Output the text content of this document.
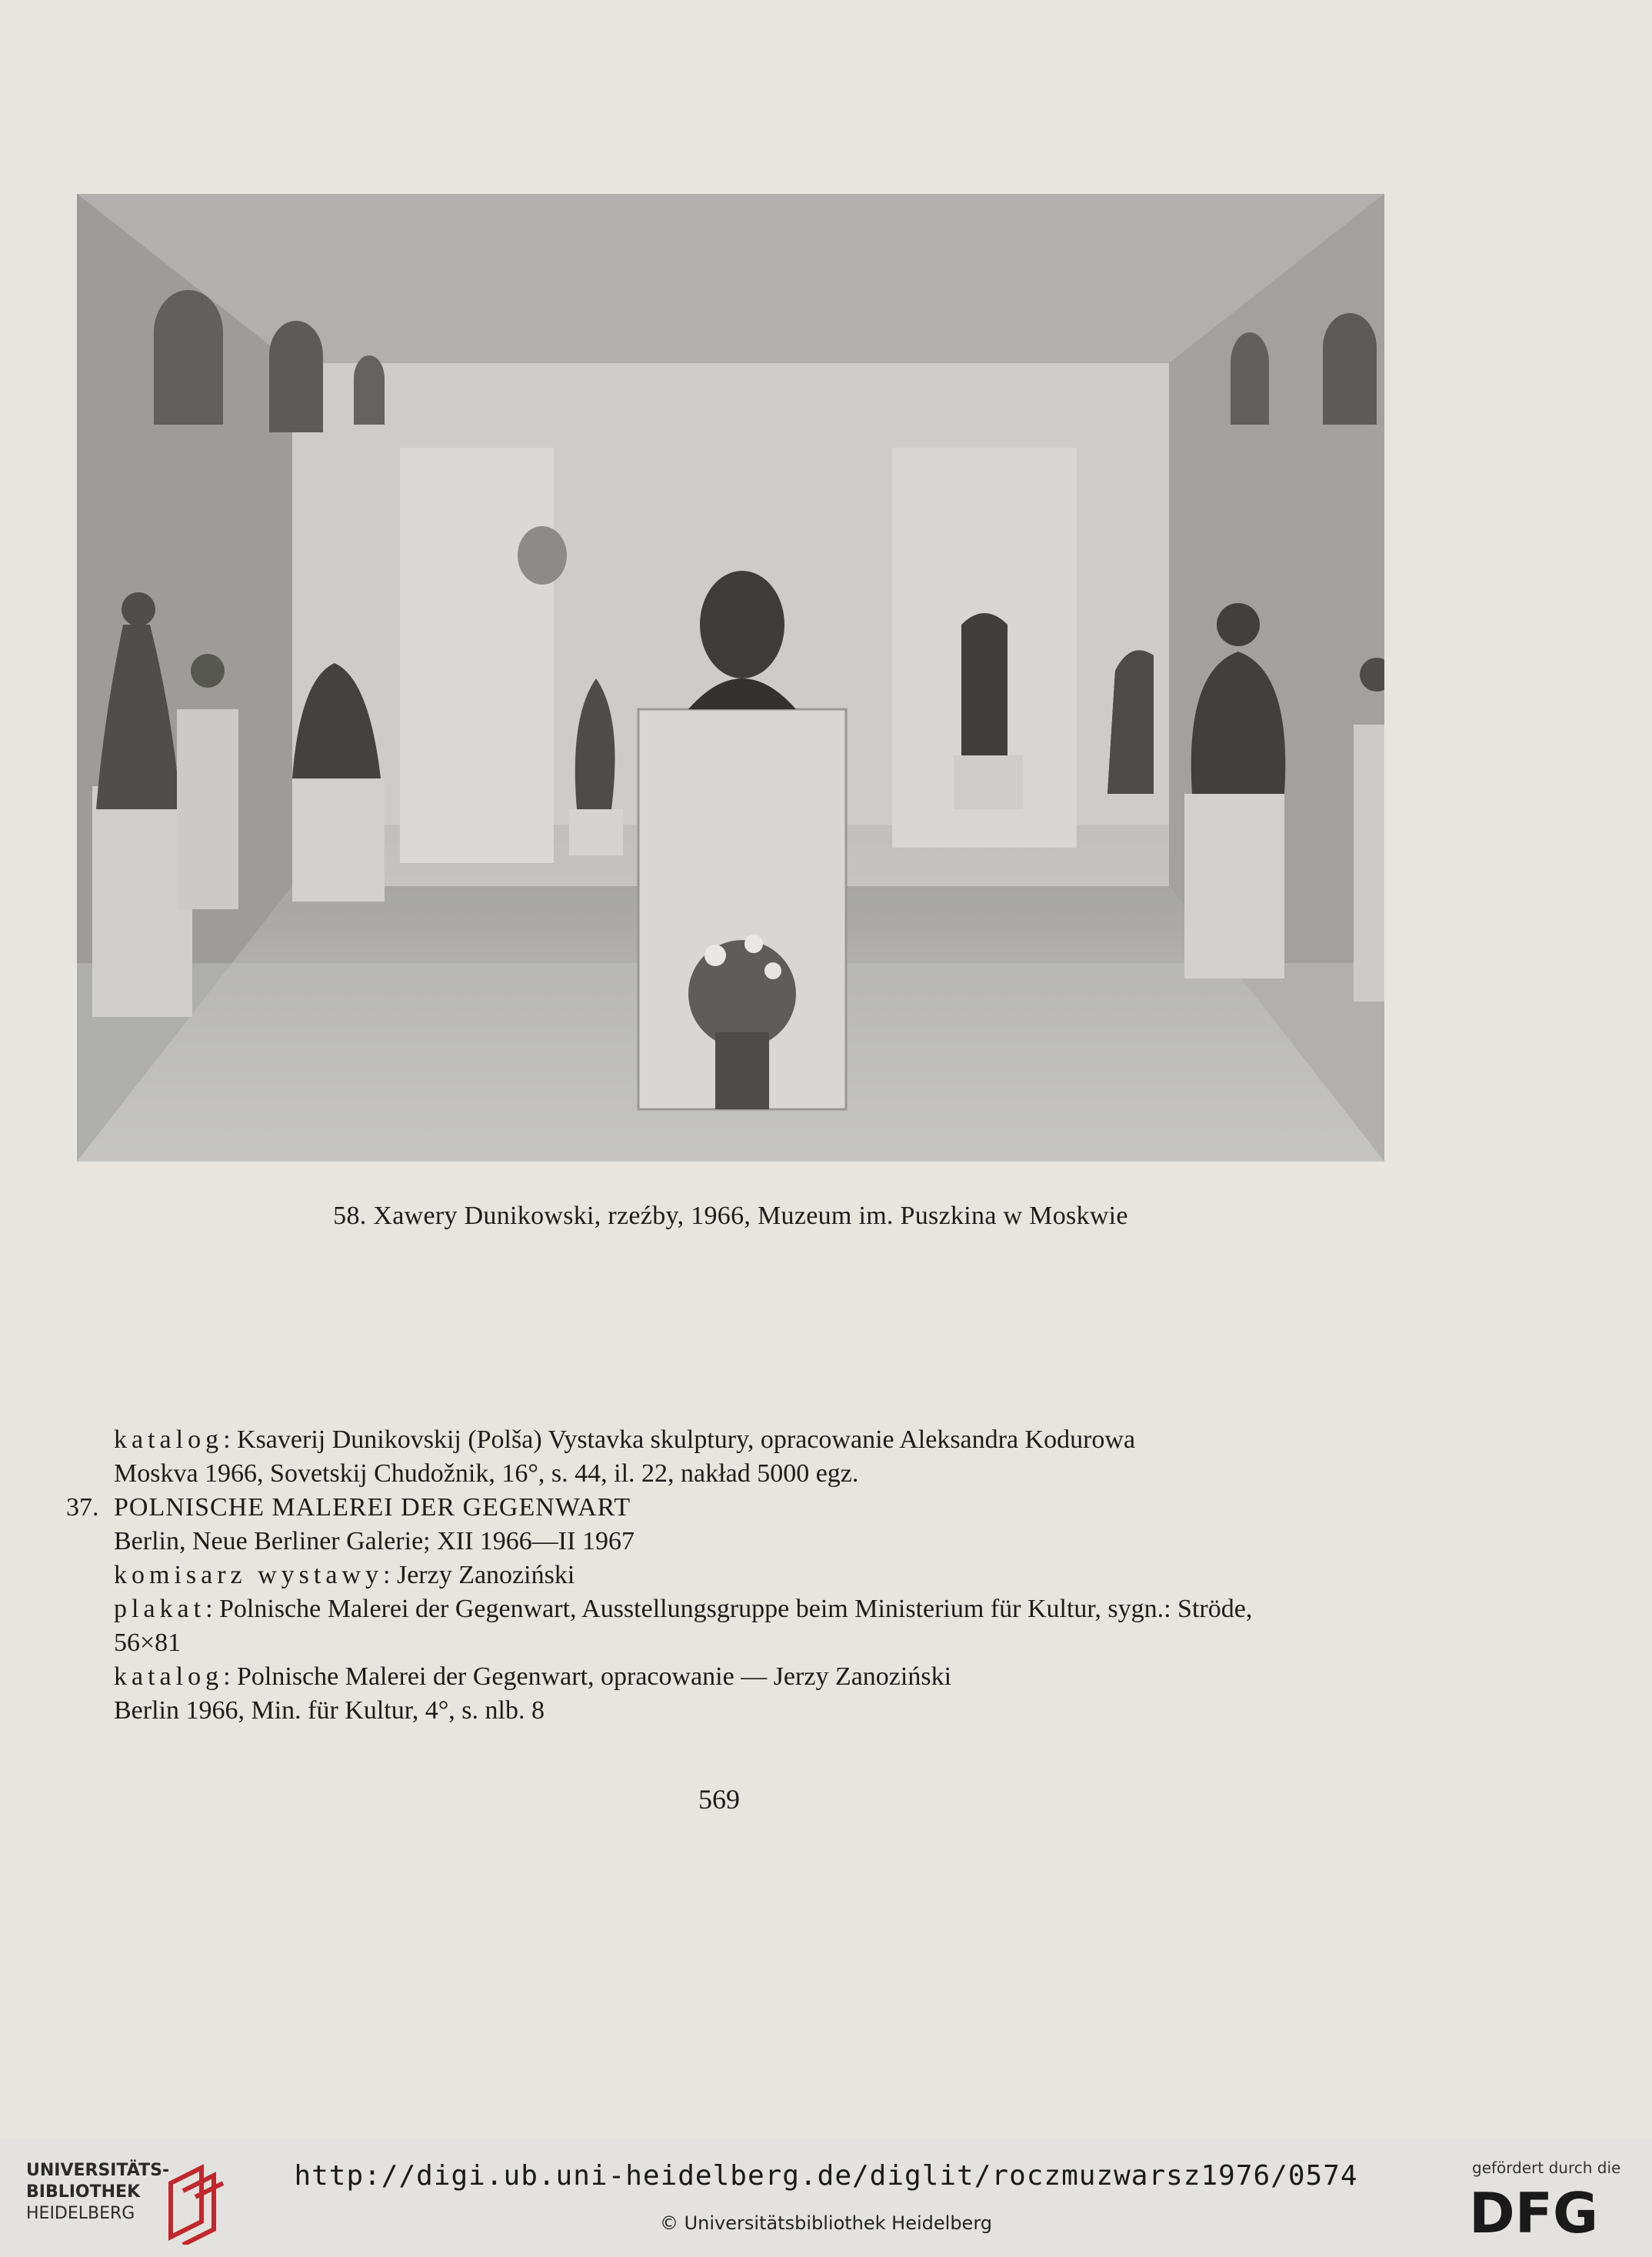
58. Xawery Dunikowski, rzeźby, 1966, Muzeum im. Puszkina w Moskwie
katalog: Ksaverij Dunikovskij (Polša) Vystavka skulptury, opracowanie Aleksandra Kodurowa
Moskva 1966, Sovetskij Chudožnik, 16°, s. 44, il. 22, nakład 5000 egz.
37. POLNISCHE MALEREI DER GEGENWART
Berlin, Neue Berliner Galerie; XII 1966—II 1967
komisarz wystawy: Jerzy Zanoziński
plakat: Polnische Malerei der Gegenwart, Ausstellungsgruppe beim Ministerium für Kultur, sygn.: Ströde,
56×81
katalog: Polnische Malerei der Gegenwart, opracowanie — Jerzy Zanoziński
Berlin 1966, Min. für Kultur, 4°, s. nlb. 8
569
UNIVERSITÄTS-
BIBLIOTHEK
HEIDELBERG
http://digi.ub.uni-heidelberg.de/diglit/roczmuzwarsz1976/0574
© Universitätsbibliothek Heidelberg
gefördert durch die
DFG
